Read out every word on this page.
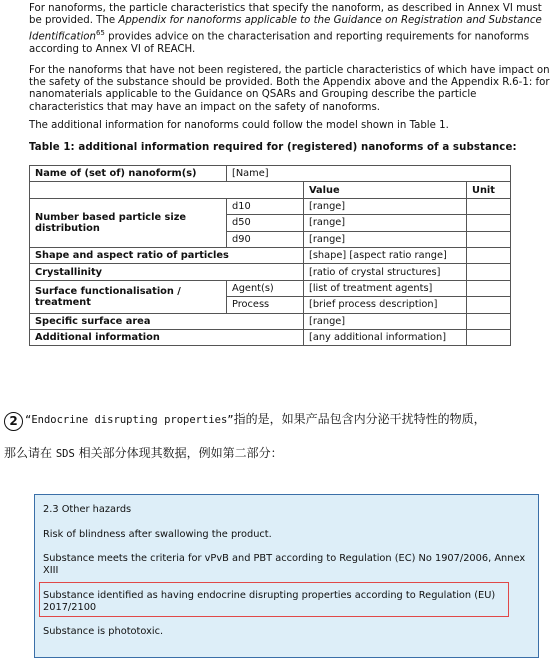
For nanoforms, the particle characteristics that specify the nanoform, as described in Annex VI must be provided. The Appendix for nanoforms applicable to the Guidance on Registration and Substance Identification$^{65}$ provides advice on the characterisation and reporting requirements for nanoforms according to Annex VI of REACH.

For the nanoforms that have not been registered, the particle characteristics of which have impact on the safety of the substance should be provided. Both the Appendix above and the Appendix R.6-1: for nanomaterials applicable to the Guidance on QSARs and Grouping describe the particle characteristics that may have an impact on the safety of nanoforms.

The additional information for nanoforms could follow the model shown in Table 1.

Table 1: additional information required for (registered) nanoforms of a substance:
Name of (set of) nanoform(s)	[Name]		
		Value	Unit
Number based particle size distribution	d10	[range]	
	d50	[range]	
	d90	[range]	
Shape and aspect ratio of particles		[shape] [aspect ratio range]	
Crystallinity		[ratio of crystal structures]	
Surface functionalisation / treatment	Agent(s)	[list of treatment agents]	
	Process	[brief process description]	
Specific surface area		[range]	
Additional information		[any additional information]	
2 “Endocrine disrupting properties”指的是，如果产品包含内分泌干扰特性的物质，
那么请在 SDS 相关部分体现其数据，例如第二部分：

2.3 Other hazards

Risk of blindness after swallowing the product.

Substance meets the criteria for vPvB and PBT according to Regulation (EC) No 1907/2006, Annex XIII

Substance identified as having endocrine disrupting properties according to Regulation (EU) 2017/2100

Substance is phototoxic.
